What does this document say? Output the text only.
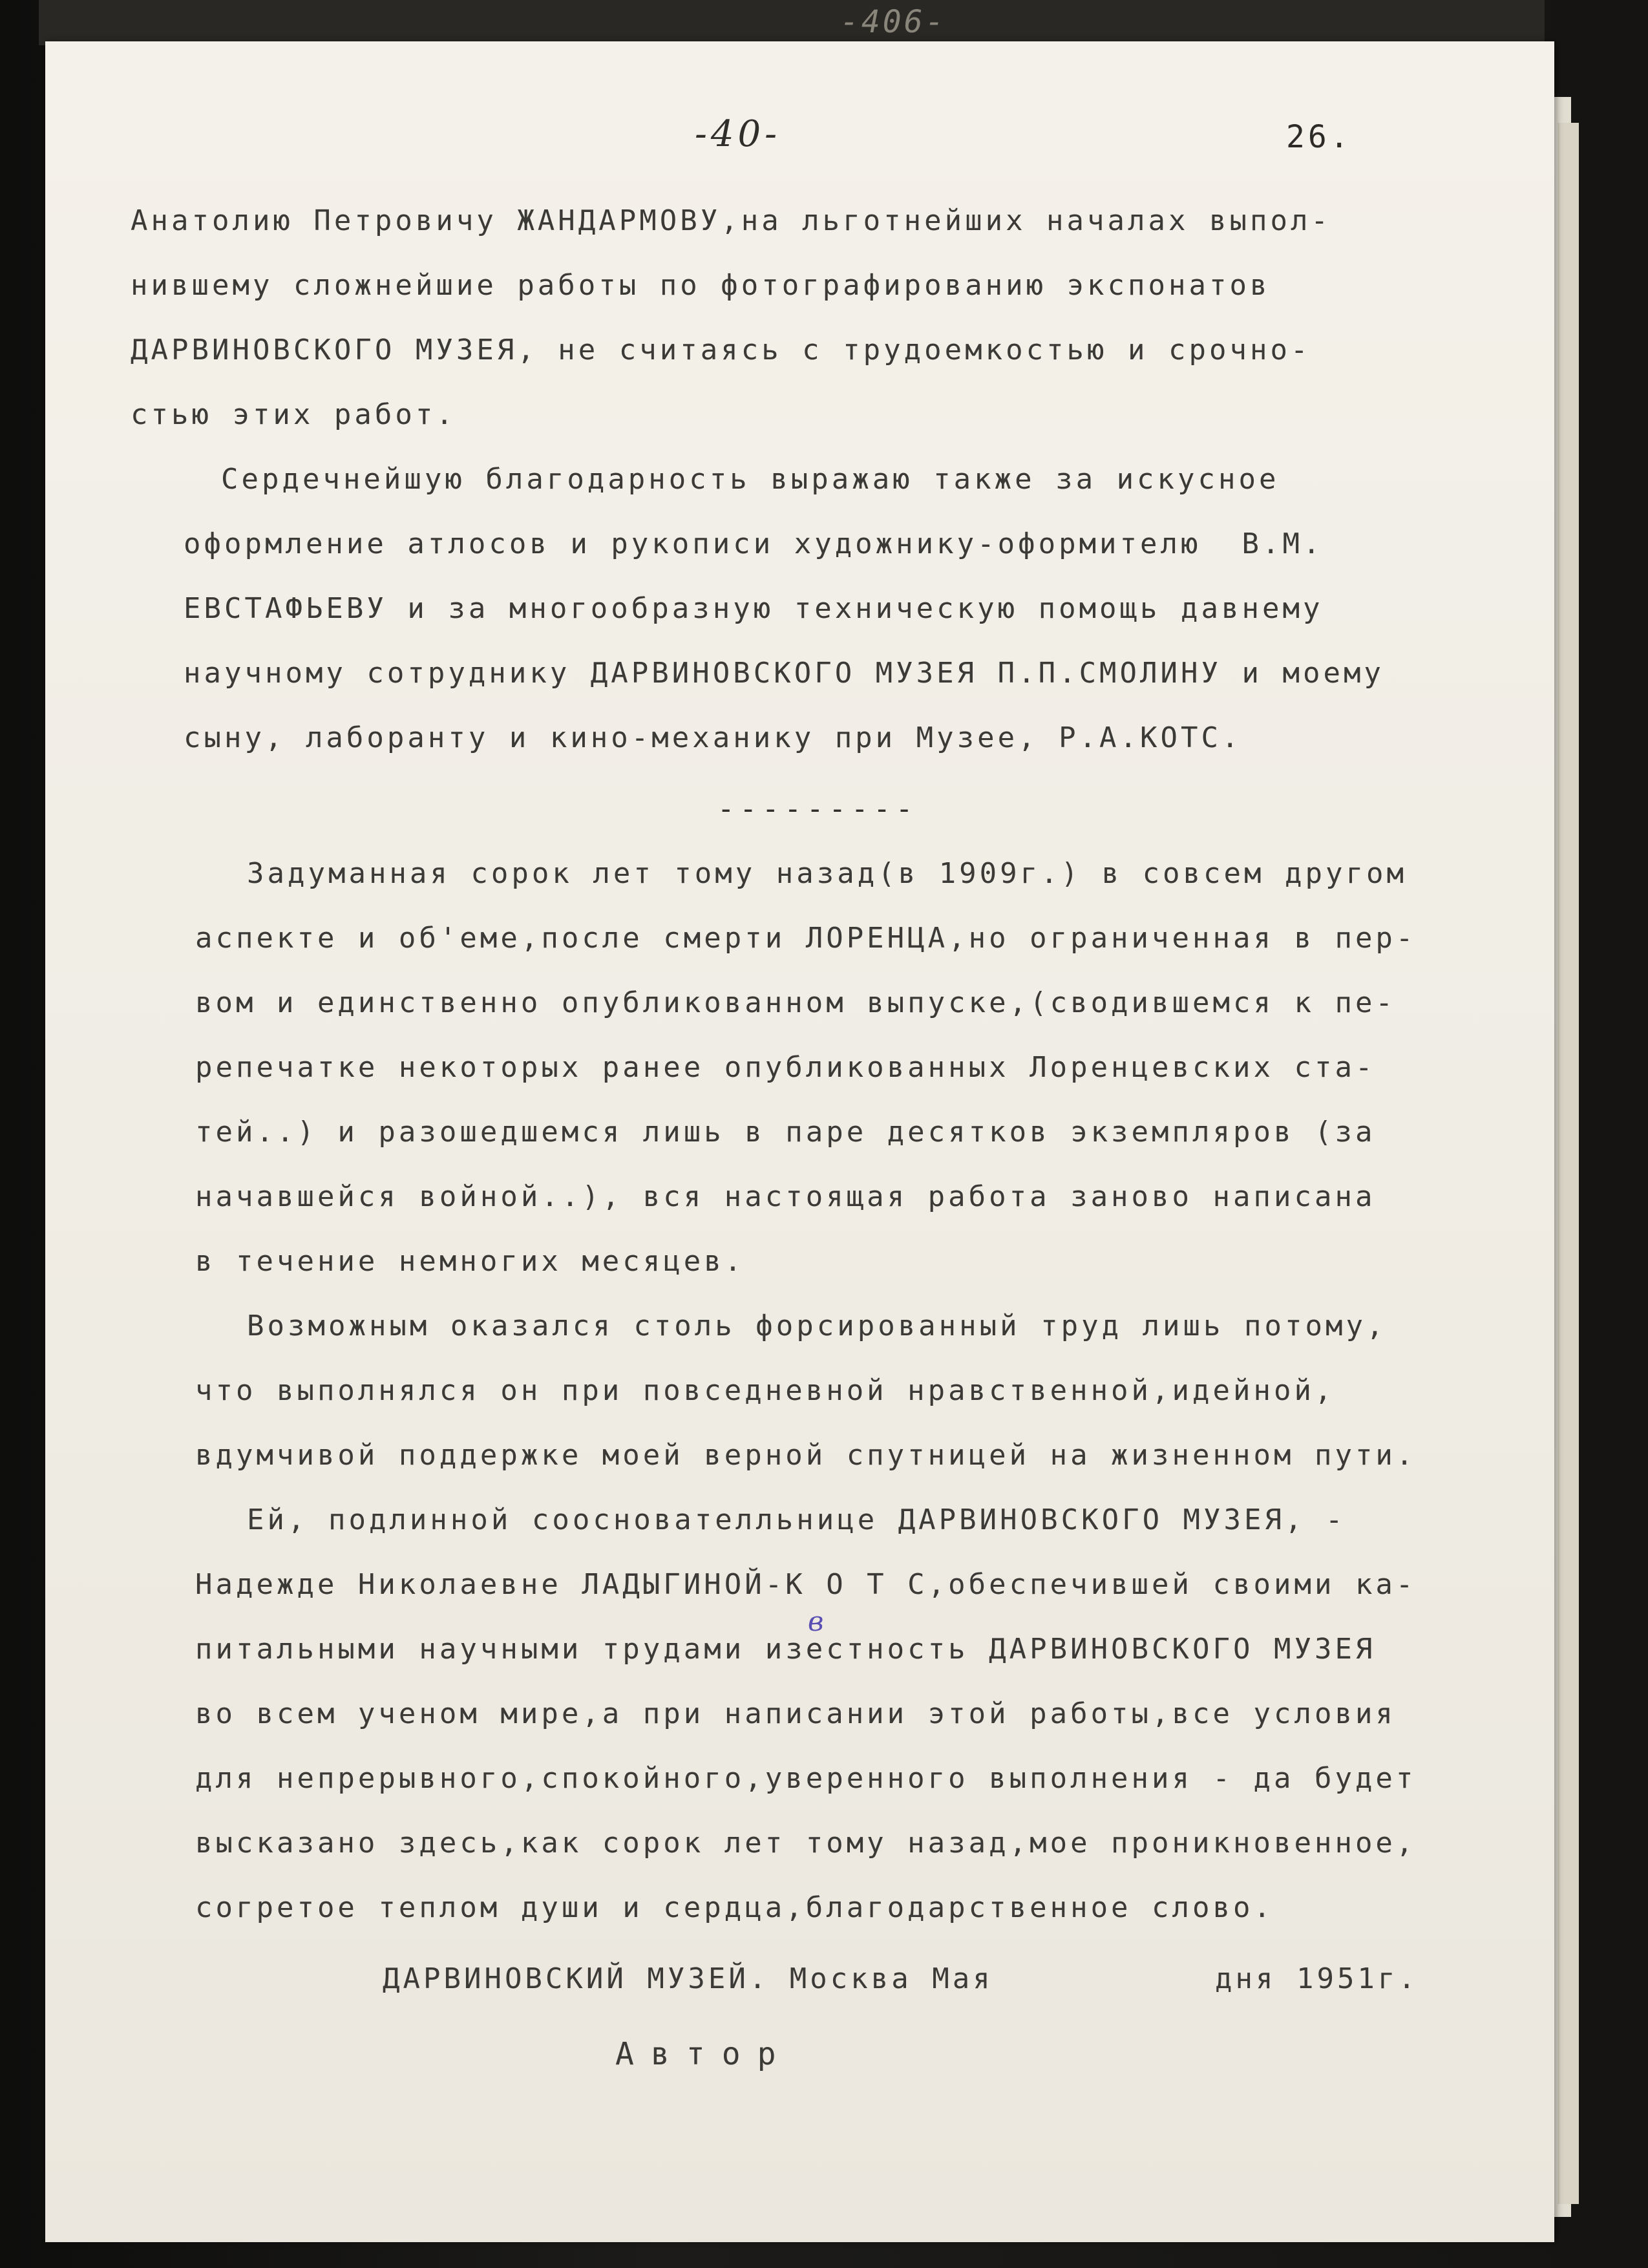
-406-
-40-	26.
Анатолию Петровичу ЖАНДАРМОВУ,на льготнейших началах выпол-
нившему сложнейшие работы по фотографированию экспонатов
ДАРВИНОВСКОГО МУЗЕЯ, не считаясь с трудоемкостью и срочно-
стью этих работ.
Сердечнейшую благодарность выражаю также за искусное
оформление атлосов и рукописи художнику-оформителю  В.М.
ЕВСТАФЬЕВУ и за многообразную техническую помощь давнему
научному сотруднику ДАРВИНОВСКОГО МУЗЕЯ П.П.СМОЛИНУ и моему
сыну, лаборанту и кино-механику при Музее, Р.А.КОТС.
---------
Задуманная сорок лет тому назад(в 1909г.) в совсем другом
аспекте и об'еме,после смерти ЛОРЕНЦА,но ограниченная в пер-
вом и единственно опубликованном выпуске,(сводившемся к пе-
репечатке некоторых ранее опубликованных Лоренцевских ста-
тей..) и разошедшемся лишь в паре десятков экземпляров (за
начавшейся войной..), вся настоящая работа заново написана
в течение немногих месяцев.
Возможным оказался столь форсированный труд лишь потому,
что выполнялся он при повседневной нравственной,идейной,
вдумчивой поддержке моей верной спутницей на жизненном пути.
Ей, подлинной сооснователльнице ДАРВИНОВСКОГО МУЗЕЯ, -
Надежде Николаевне ЛАДЫГИНОЙ-К О Т С,обеспечившей своими ка-
питальными научными трудами изестность ДАРВИНОВСКОГО МУЗЕЯ
во всем ученом мире,а при написании этой работы,все условия
для непрерывного,спокойного,уверенного выполнения - да будет
высказано здесь,как сорок лет тому назад,мое проникновенное,
согретое теплом души и сердца,благодарственное слово.
в
ДАРВИНОВСКИЙ МУЗЕЙ. Москва Мая	дня 1951г.
Автор
